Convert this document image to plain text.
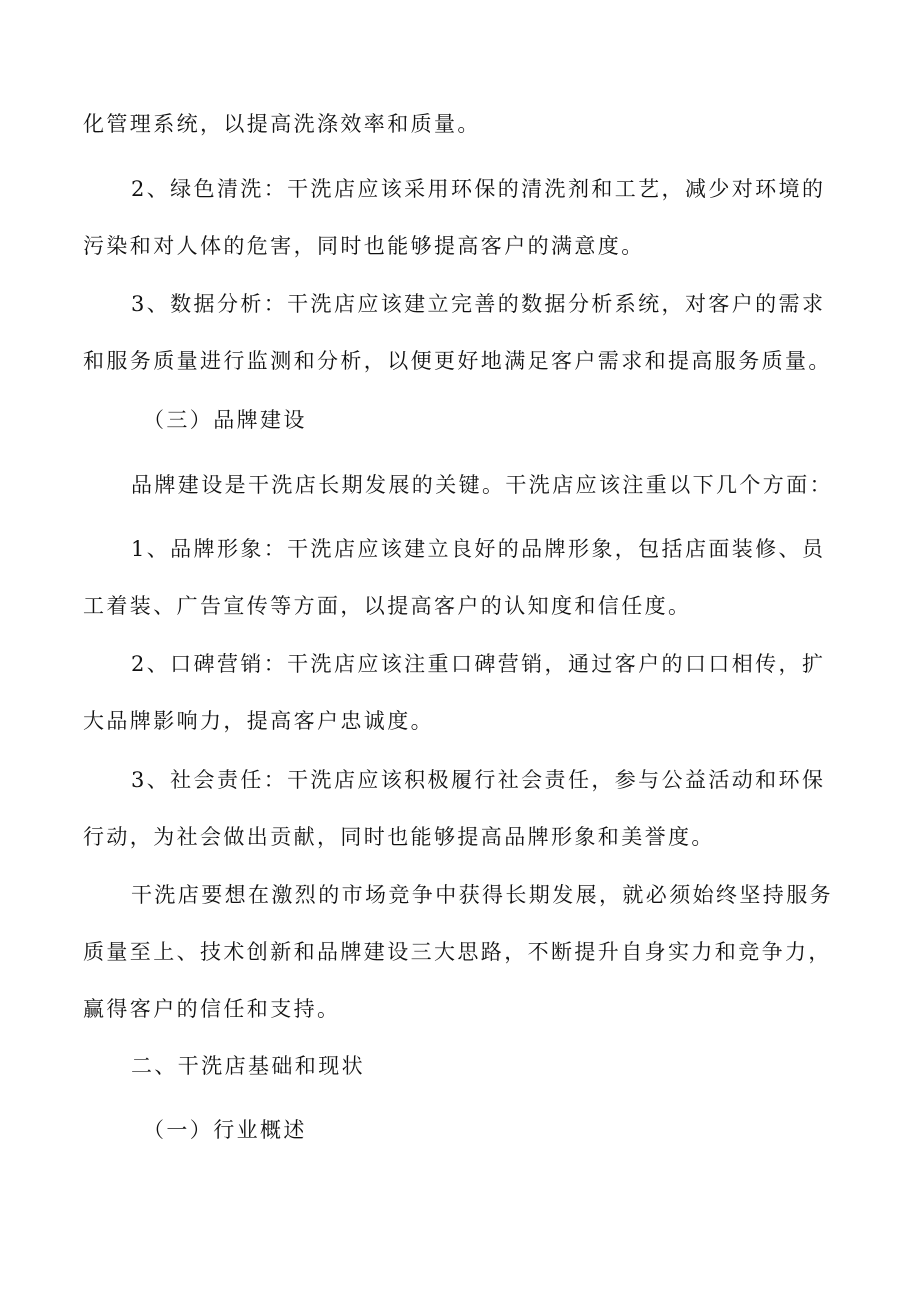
化管理系统，以提高洗涤效率和质量。

2、绿色清洗：干洗店应该采用环保的清洗剂和工艺，减少对环境的污染和对人体的危害，同时也能够提高客户的满意度。

3、数据分析：干洗店应该建立完善的数据分析系统，对客户的需求和服务质量进行监测和分析，以便更好地满足客户需求和提高服务质量。

（三）品牌建设

品牌建设是干洗店长期发展的关键。干洗店应该注重以下几个方面：

1、品牌形象：干洗店应该建立良好的品牌形象，包括店面装修、员工着装、广告宣传等方面，以提高客户的认知度和信任度。

2、口碑营销：干洗店应该注重口碑营销，通过客户的口口相传，扩大品牌影响力，提高客户忠诚度。

3、社会责任：干洗店应该积极履行社会责任，参与公益活动和环保行动，为社会做出贡献，同时也能够提高品牌形象和美誉度。

干洗店要想在激烈的市场竞争中获得长期发展，就必须始终坚持服务质量至上、技术创新和品牌建设三大思路，不断提升自身实力和竞争力，赢得客户的信任和支持。

二、干洗店基础和现状

（一）行业概述
